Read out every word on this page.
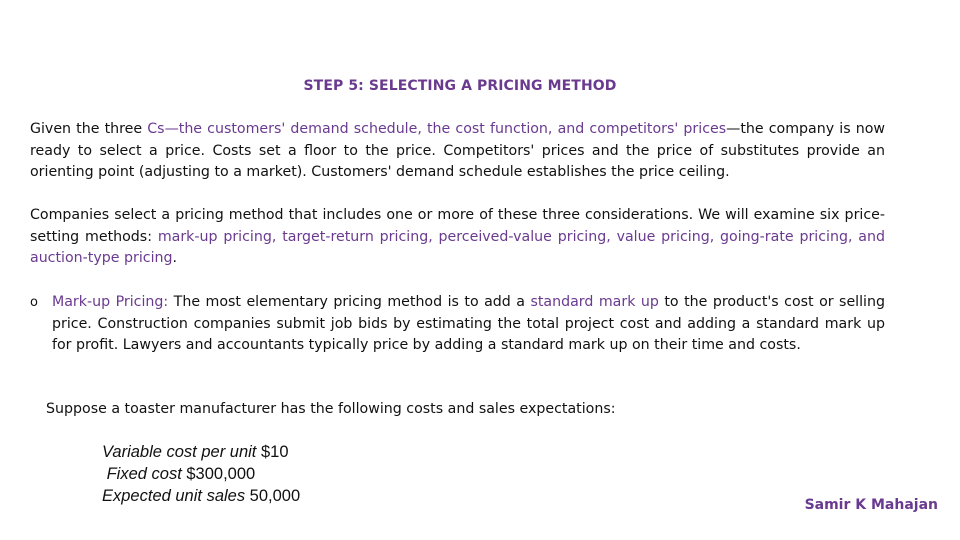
STEP 5: SELECTING A PRICING METHOD

Given the three Cs—the customers' demand schedule, the cost function, and competitors' prices—the company is now ready to select a price. Costs set a floor to the price. Competitors' prices and the price of substitutes provide an orienting point (adjusting to a market). Customers' demand schedule establishes the price ceiling.

Companies select a pricing method that includes one or more of these three considerations. We will examine six price-setting methods: mark-up pricing, target-return pricing, perceived-value pricing, value pricing, going-rate pricing, and auction-type pricing.

o Mark-up Pricing: The most elementary pricing method is to add a standard mark up to the product's cost or selling price. Construction companies submit job bids by estimating the total project cost and adding a standard mark up for profit. Lawyers and accountants typically price by adding a standard mark up on their time and costs.
Suppose a toaster manufacturer has the following costs and sales expectations:
Variable cost per unit $10
Fixed cost $300,000
Expected unit sales 50,000	Samir K Mahajan
